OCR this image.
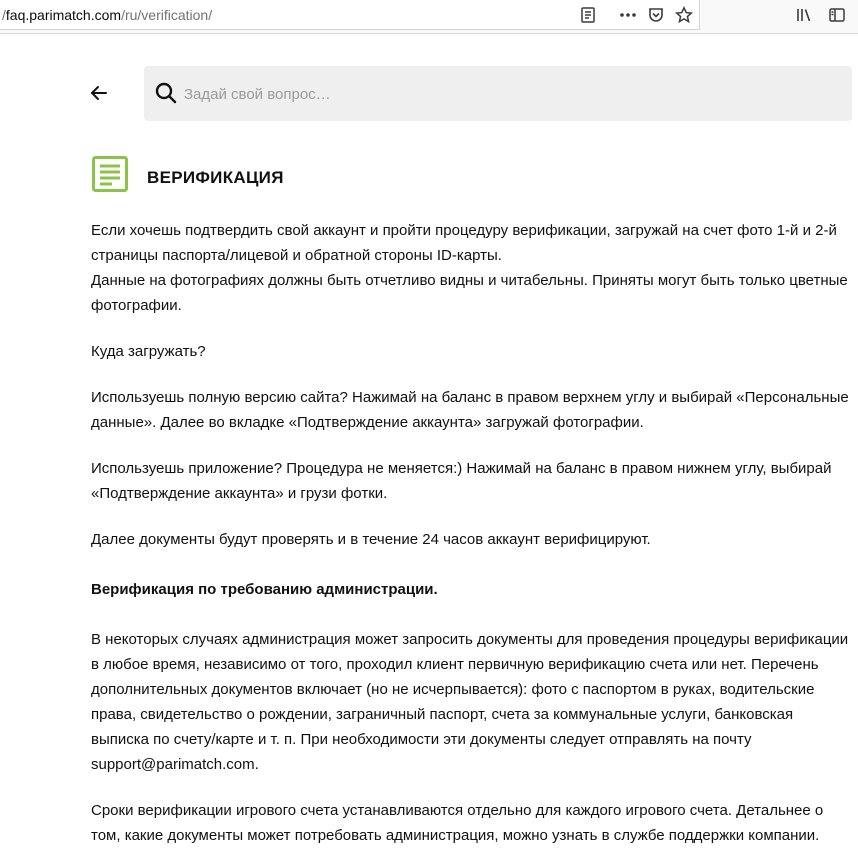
/faq.parimatch.com/ru/verification/
Задай свой вопрос…
ВЕРИФИКАЦИЯ

Если хочешь подтвердить свой аккаунт и пройти процедуру верификации, загружай на счет фото 1-й и 2-й страницы паспорта/лицевой и обратной стороны ID-карты.

Данные на фотографиях должны быть отчетливо видны и читабельны. Приняты могут быть только цветные фотографии.

Куда загружать?

Используешь полную версию сайта? Нажимай на баланс в правом верхнем углу и выбирай «Персональные данные». Далее во вкладке «Подтверждение аккаунта» загружай фотографии.

Используешь приложение? Процедура не меняется:) Нажимай на баланс в правом нижнем углу, выбирай «Подтверждение аккаунта» и грузи фотки.

Далее документы будут проверять и в течение 24 часов аккаунт верифицируют.

Верификация по требованию администрации.

В некоторых случаях администрация может запросить документы для проведения процедуры верификации в любое время, независимо от того, проходил клиент первичную верификацию счета или нет. Перечень дополнительных документов включает (но не исчерпывается): фото с паспортом в руках, водительские права, свидетельство о рождении, заграничный паспорт, счета за коммунальные услуги, банковская выписка по счету/карте и т. п. При необходимости эти документы следует отправлять на почту support@parimatch.com.

Сроки верификации игрового счета устанавливаются отдельно для каждого игрового счета. Детальнее о том, какие документы может потребовать администрация, можно узнать в службе поддержки компании.
